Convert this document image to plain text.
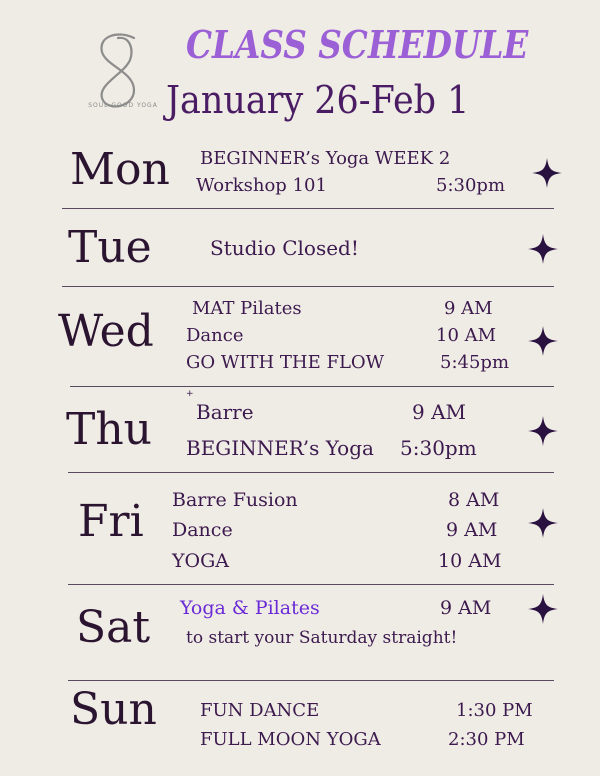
SOUL GOOD YOGA
CLASS SCHEDULE
January 26-Feb 1
Mon BEGINNER’s Yoga WEEK 2
Workshop 101	5:30pm
Tue	Studio Closed!
Wed MAT Pilates	9 AM
Dance	10 AM
GO WITH THE FLOW	5:45pm
+
Thu Barre	9 AM
BEGINNER’s Yoga 5:30pm
Fri Barre Fusion	8 AM
Dance	9 AM
YOGA	10 AM
Sat Yoga & Pilates	9 AM
to start your Saturday straight!
Sun FUN DANCE	1:30 PM
FULL MOON YOGA	2:30 PM
